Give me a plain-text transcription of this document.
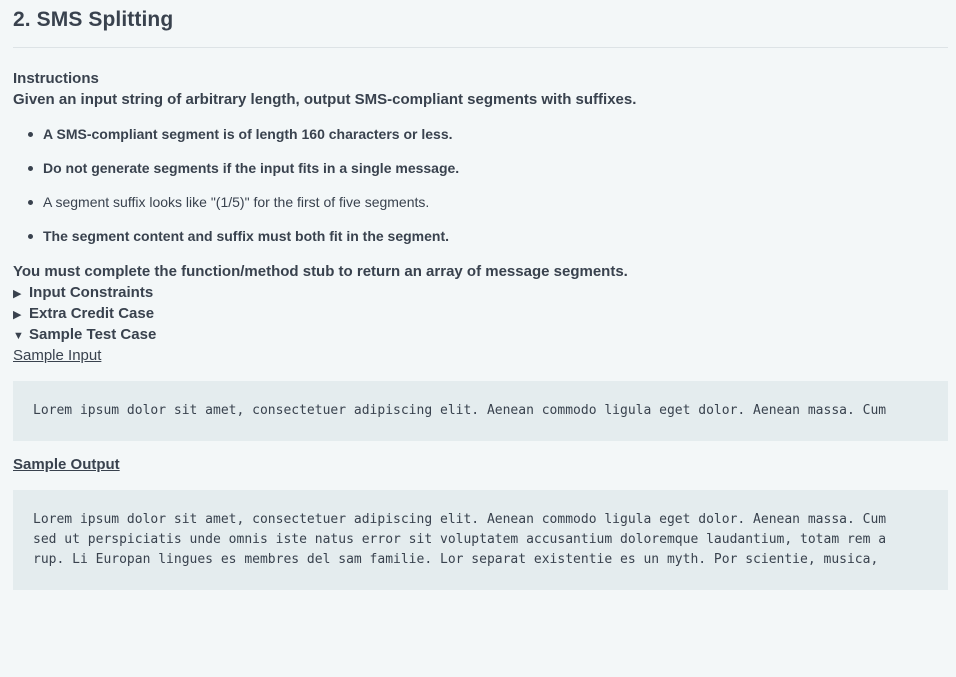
2. SMS Splitting
Instructions
Given an input string of arbitrary length, output SMS-compliant segments with suffixes.
A SMS-compliant segment is of length 160 characters or less.
Do not generate segments if the input fits in a single message.
A segment suffix looks like "(1/5)" for the first of five segments.
The segment content and suffix must both fit in the segment.
You must complete the function/method stub to return an array of message segments.
▶ Input Constraints
▶ Extra Credit Case
▼ Sample Test Case
Sample Input

Lorem ipsum dolor sit amet, consectetuer adipiscing elit. Aenean commodo ligula eget dolor. Aenean massa. Cum

Sample Output

Lorem ipsum dolor sit amet, consectetuer adipiscing elit. Aenean commodo ligula eget dolor. Aenean massa. Cum

sed ut perspiciatis unde omnis iste natus error sit voluptatem accusantium doloremque laudantium, totam rem a

rup. Li Europan lingues es membres del sam familie. Lor separat existentie es un myth. Por scientie, musica,
